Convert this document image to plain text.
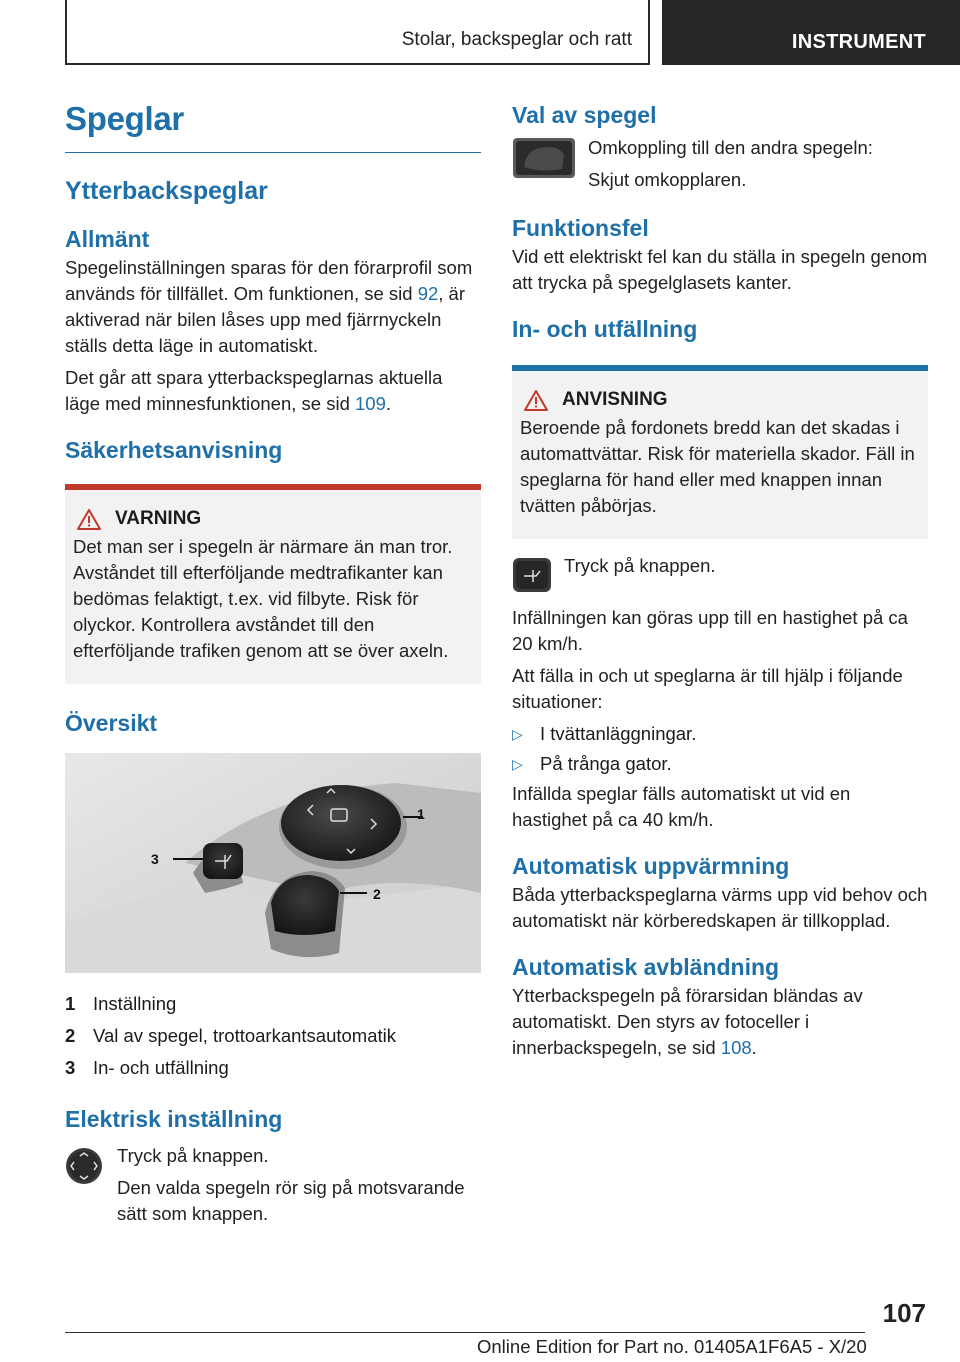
Stolar, backspeglar och ratt	INSTRUMENT
Speglar
Ytterbackspeglar
Allmänt

Spegelinställningen sparas för den förarprofil som används för tillfället. Om funktionen, se sid 92, är aktiverad när bilen låses upp med fjärrnyckeln ställs detta läge in automatiskt.

Det går att spara ytterbackspeglarnas aktuella läge med minnesfunktionen, se sid 109.

Säkerhetsanvisning
VARNING

Det man ser i spegeln är närmare än man tror. Avståndet till efterföljande medtrafikanter kan bedömas felaktigt, t.ex. vid filbyte. Risk för olyckor. Kontrollera avståndet till den efterföljande trafiken genom att se över axeln.

Översikt
1
2
3
1 Inställning
2 Val av spegel, trottoarkantsautomatik
3 In- och utfällning
Elektrisk inställning

Tryck på knappen.

Den valda spegeln rör sig på motsvarande sätt som knappen.

Val av spegel

Omkoppling till den andra spegeln:

Skjut omkopplaren.

Funktionsfel

Vid ett elektriskt fel kan du ställa in spegeln genom att trycka på spegelglasets kanter.

In- och utfällning
ANVISNING

Beroende på fordonets bredd kan det skadas i automattvättar. Risk för materiella skador. Fäll in speglarna för hand eller med knappen innan tvätten påbörjas.

Tryck på knappen.

Infällningen kan göras upp till en hastighet på ca 20 km/h.

Att fälla in och ut speglarna är till hjälp i följande situationer:

▷ I tvättanläggningar.
▷ På trånga gator.

Infällda speglar fälls automatiskt ut vid en hastighet på ca 40 km/h.

Automatisk uppvärmning

Båda ytterbackspeglarna värms upp vid behov och automatiskt när körberedskapen är tillkopplad.

Automatisk avbländning

Ytterbackspegeln på förarsidan bländas av automatiskt. Den styrs av fotoceller i innerbackspegeln, se sid 108.

107
Online Edition for Part no. 01405A1F6A5 - X/20
